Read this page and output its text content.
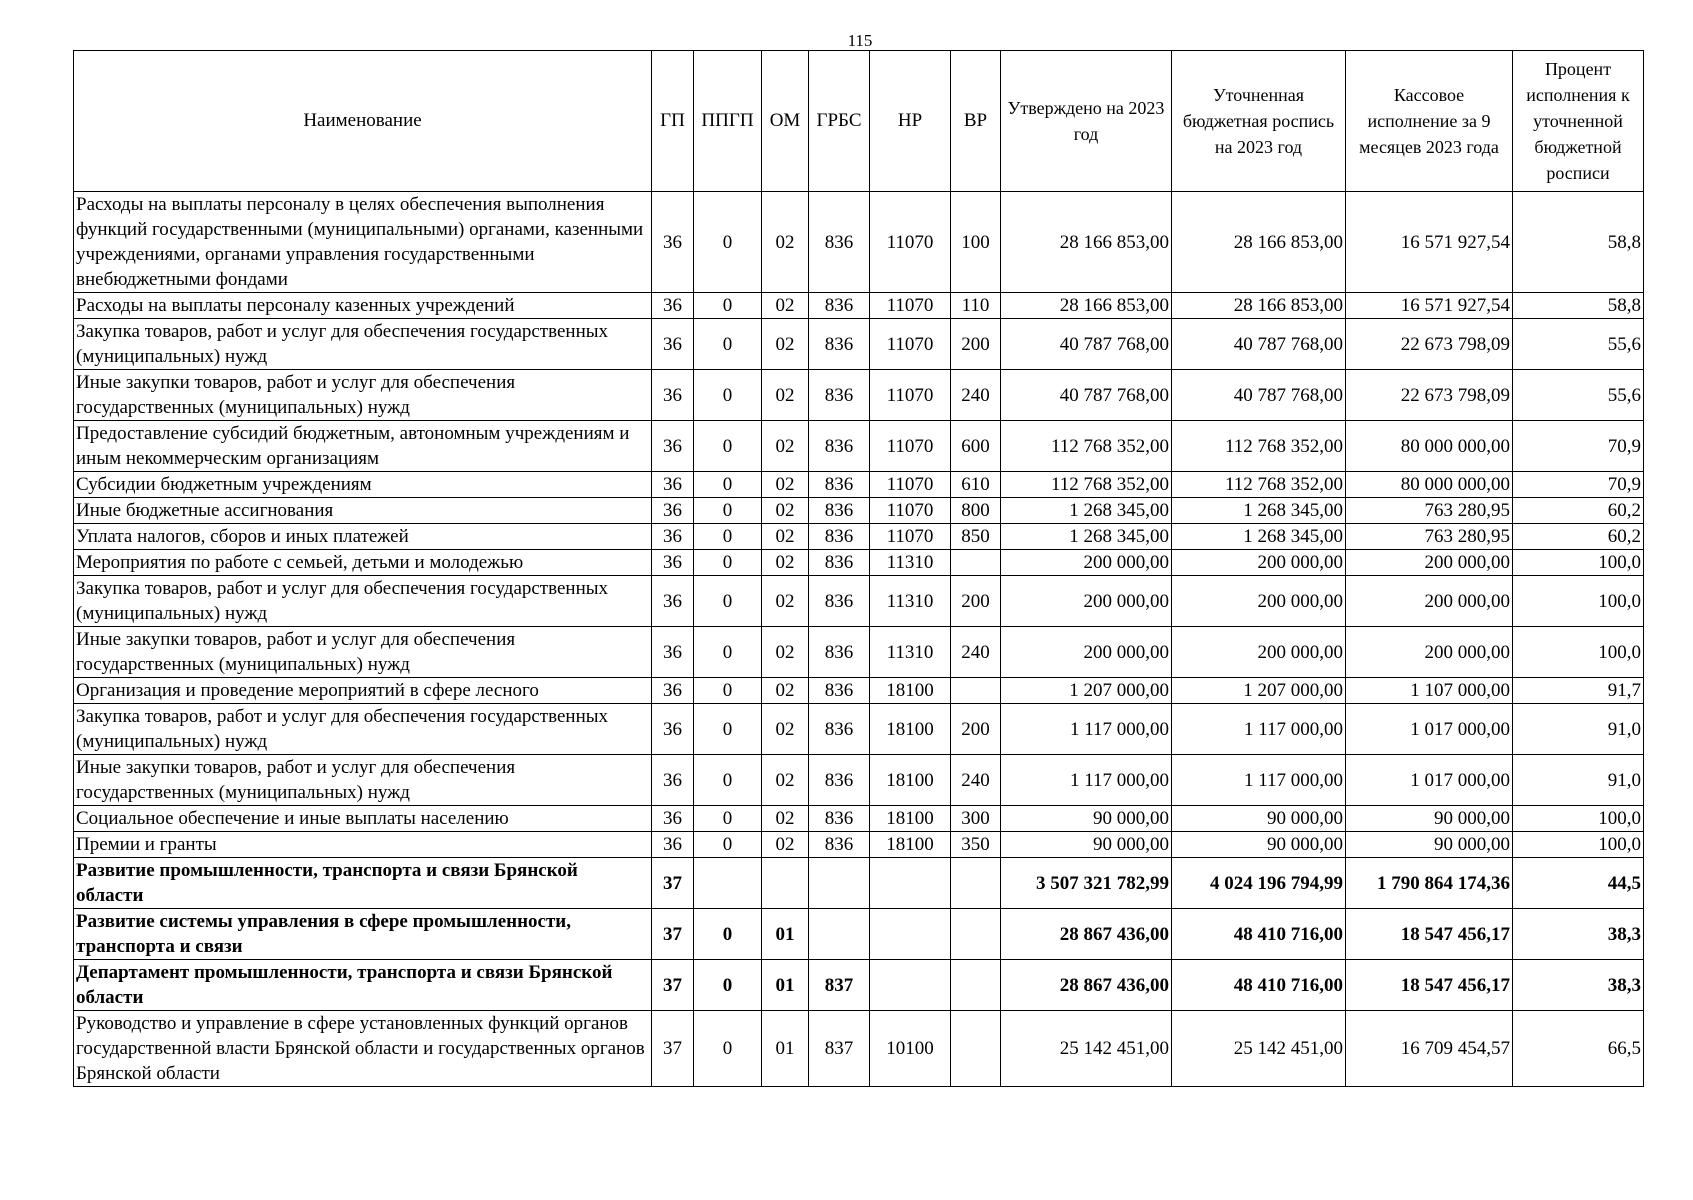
115
Наименование	ГП	ППГП	ОМ	ГРБС	НР	ВР	Утверждено на 2023 год	Уточненная бюджетная роспись на 2023 год	Кассовое исполнение за 9 месяцев 2023 года	Процент исполнения к уточненной бюджетной росписи
Расходы на выплаты персоналу в целях обеспечения выполнения функций государственными (муниципальными) органами, казенными учреждениями, органами управления государственными внебюджетными фондами	36	0	02	836	11070	100	28 166 853,00	28 166 853,00	16 571 927,54	58,8
Расходы на выплаты персоналу казенных учреждений	36	0	02	836	11070	110	28 166 853,00	28 166 853,00	16 571 927,54	58,8
Закупка товаров, работ и услуг для обеспечения государственных (муниципальных) нужд	36	0	02	836	11070	200	40 787 768,00	40 787 768,00	22 673 798,09	55,6
Иные закупки товаров, работ и услуг для обеспечения государственных (муниципальных) нужд	36	0	02	836	11070	240	40 787 768,00	40 787 768,00	22 673 798,09	55,6
Предоставление субсидий бюджетным, автономным учреждениям и иным некоммерческим организациям	36	0	02	836	11070	600	112 768 352,00	112 768 352,00	80 000 000,00	70,9
Субсидии бюджетным учреждениям	36	0	02	836	11070	610	112 768 352,00	112 768 352,00	80 000 000,00	70,9
Иные бюджетные ассигнования	36	0	02	836	11070	800	1 268 345,00	1 268 345,00	763 280,95	60,2
Уплата налогов, сборов и иных платежей	36	0	02	836	11070	850	1 268 345,00	1 268 345,00	763 280,95	60,2
Мероприятия по работе с семьей, детьми и молодежью	36	0	02	836	11310		200 000,00	200 000,00	200 000,00	100,0
Закупка товаров, работ и услуг для обеспечения государственных (муниципальных) нужд	36	0	02	836	11310	200	200 000,00	200 000,00	200 000,00	100,0
Иные закупки товаров, работ и услуг для обеспечения государственных (муниципальных) нужд	36	0	02	836	11310	240	200 000,00	200 000,00	200 000,00	100,0
Организация и проведение мероприятий в сфере лесного	36	0	02	836	18100		1 207 000,00	1 207 000,00	1 107 000,00	91,7
Закупка товаров, работ и услуг для обеспечения государственных (муниципальных) нужд	36	0	02	836	18100	200	1 117 000,00	1 117 000,00	1 017 000,00	91,0
Иные закупки товаров, работ и услуг для обеспечения государственных (муниципальных) нужд	36	0	02	836	18100	240	1 117 000,00	1 117 000,00	1 017 000,00	91,0
Социальное обеспечение и иные выплаты населению	36	0	02	836	18100	300	90 000,00	90 000,00	90 000,00	100,0
Премии и гранты	36	0	02	836	18100	350	90 000,00	90 000,00	90 000,00	100,0
Развитие промышленности, транспорта и связи Брянской области	37						3 507 321 782,99	4 024 196 794,99	1 790 864 174,36	44,5
Развитие системы управления в сфере промышленности, транспорта и связи	37	0	01				28 867 436,00	48 410 716,00	18 547 456,17	38,3
Департамент промышленности, транспорта и связи Брянской области	37	0	01	837			28 867 436,00	48 410 716,00	18 547 456,17	38,3
Руководство и управление в сфере установленных функций органов государственной власти Брянской области и государственных органов Брянской области	37	0	01	837	10100		25 142 451,00	25 142 451,00	16 709 454,57	66,5
